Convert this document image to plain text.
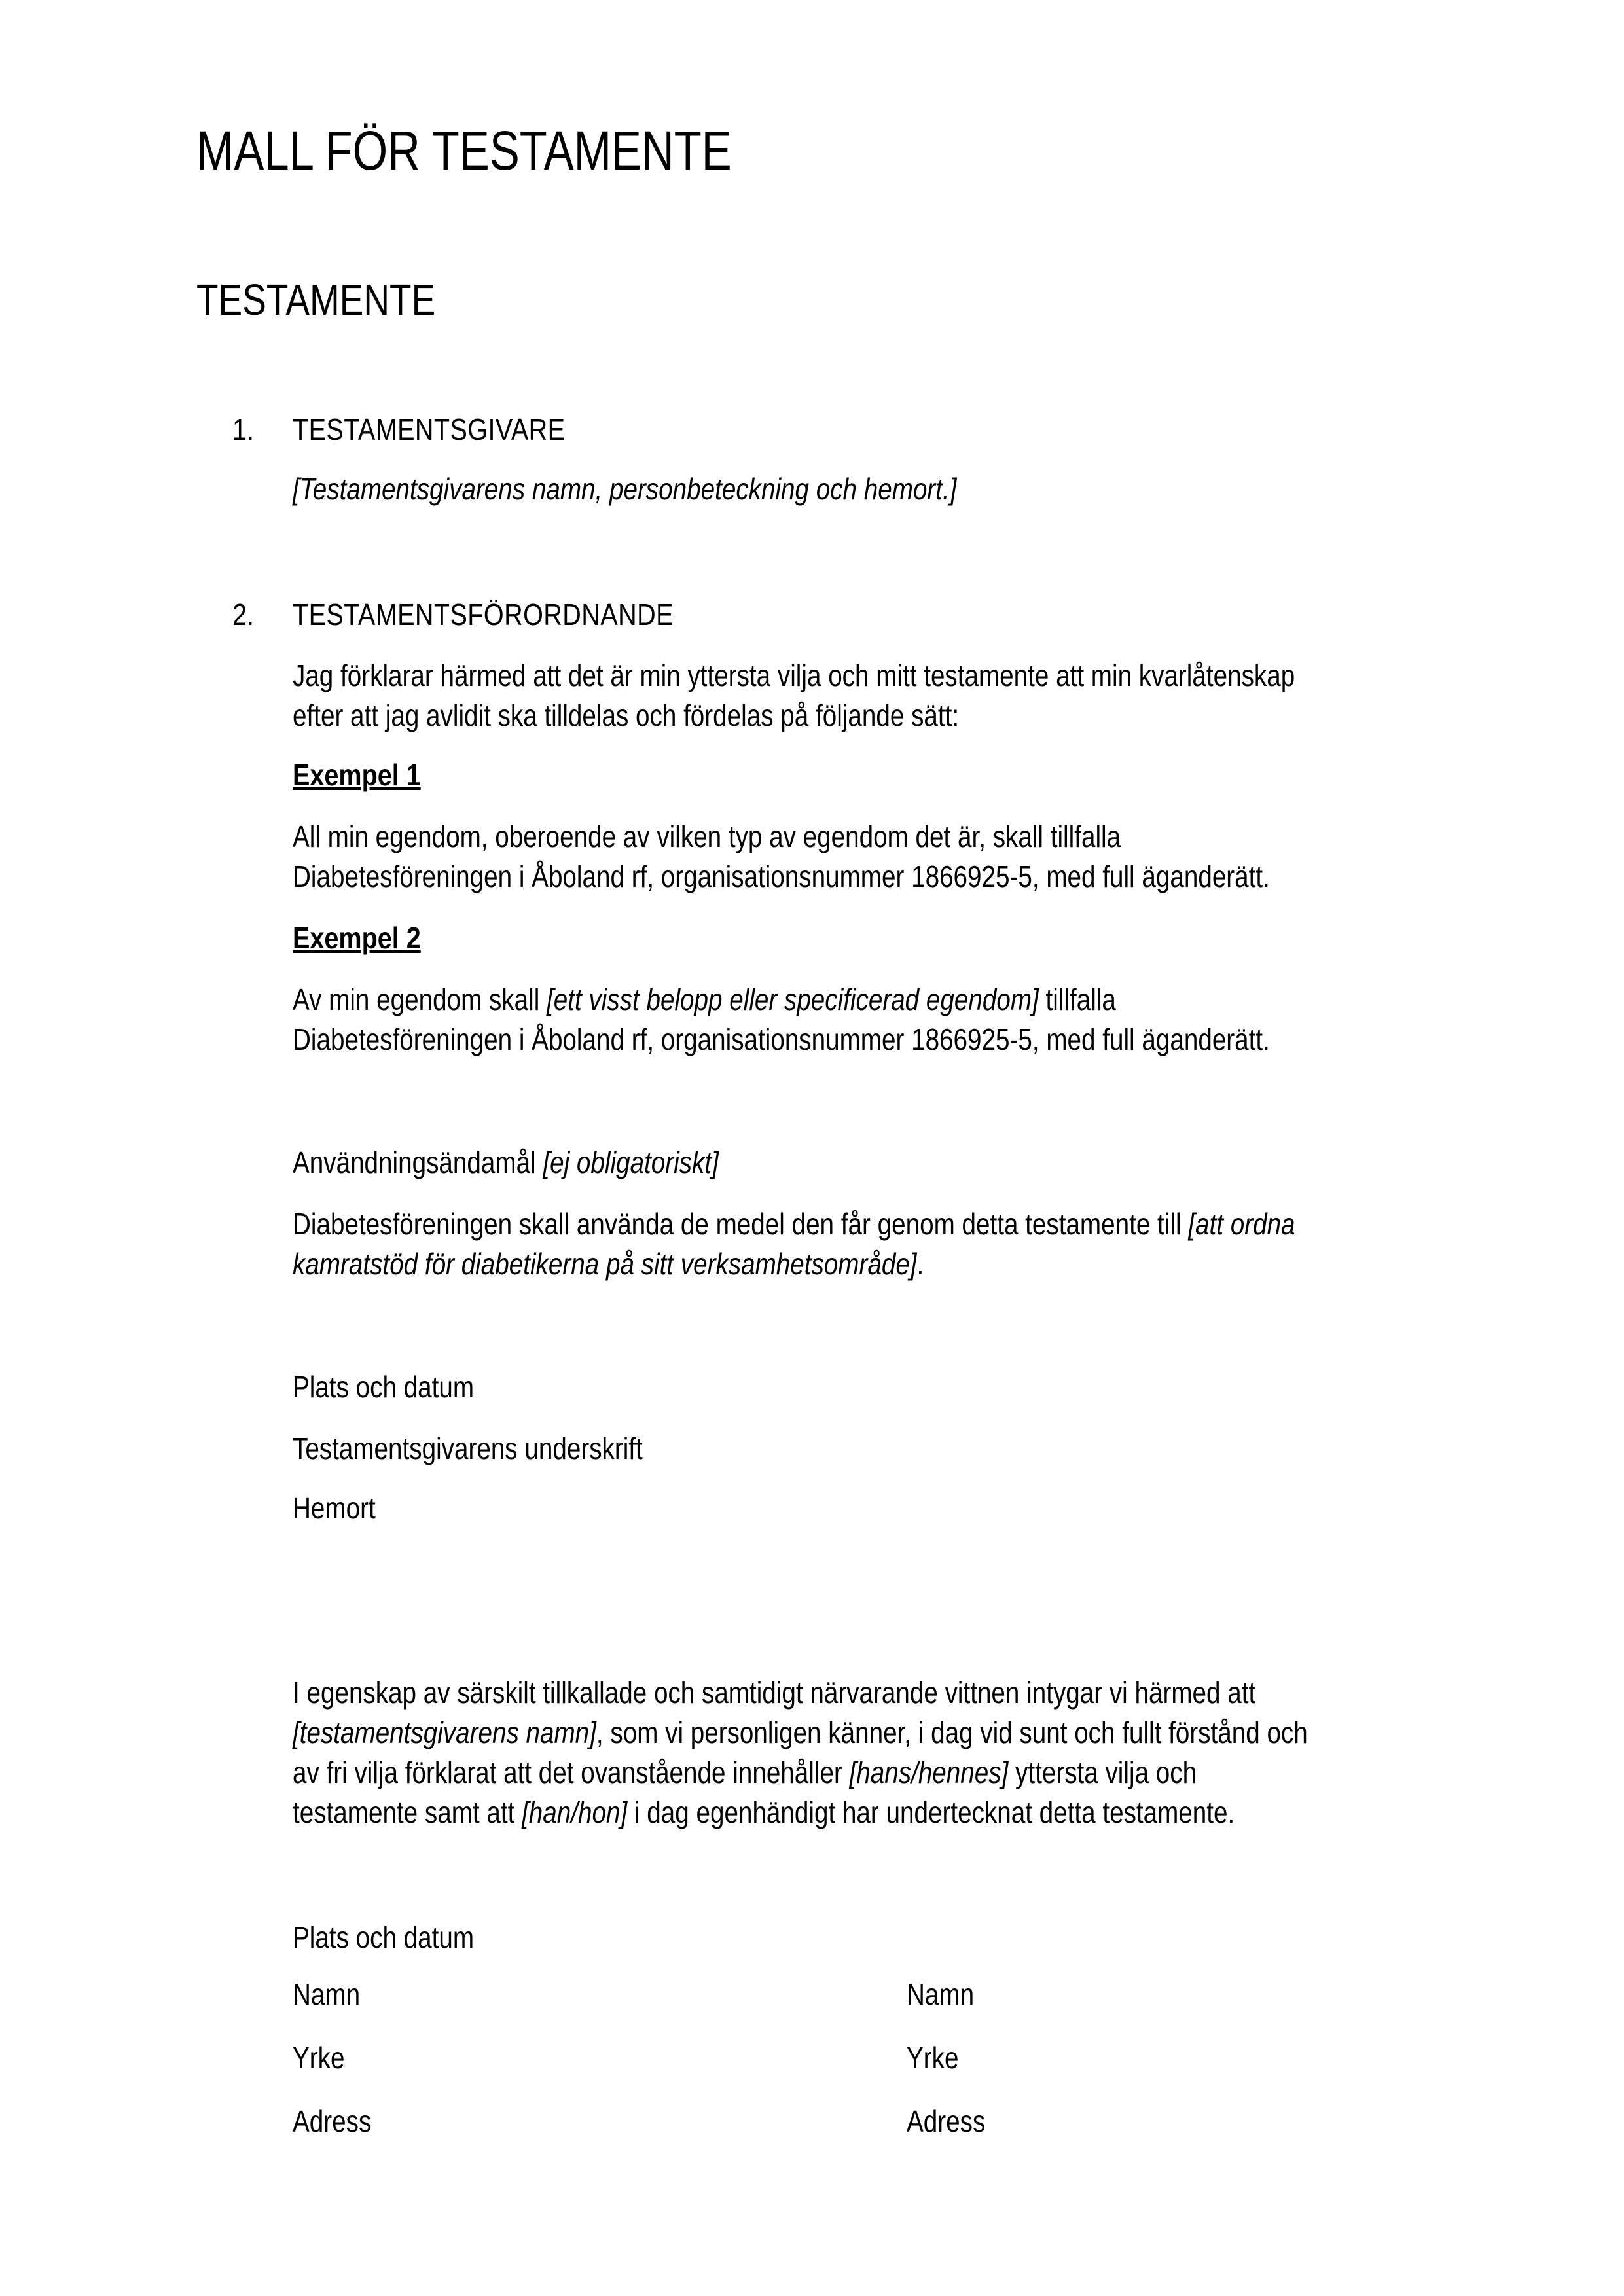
MALL FÖR TESTAMENTE
TESTAMENTE
1. TESTAMENTSGIVARE
[Testamentsgivarens namn, personbeteckning och hemort.]
2. TESTAMENTSFÖRORDNANDE
Jag förklarar härmed att det är min yttersta vilja och mitt testamente att min kvarlåtenskap
efter att jag avlidit ska tilldelas och fördelas på följande sätt:
Exempel 1
All min egendom, oberoende av vilken typ av egendom det är, skall tillfalla
Diabetesföreningen i Åboland rf, organisationsnummer 1866925-5, med full äganderätt.
Exempel 2
Av min egendom skall [ett visst belopp eller specificerad egendom] tillfalla
Diabetesföreningen i Åboland rf, organisationsnummer 1866925-5, med full äganderätt.
Användningsändamål [ej obligatoriskt]
Diabetesföreningen skall använda de medel den får genom detta testamente till [att ordna
kamratstöd för diabetikerna på sitt verksamhetsområde].
Plats och datum
Testamentsgivarens underskrift
Hemort
I egenskap av särskilt tillkallade och samtidigt närvarande vittnen intygar vi härmed att
[testamentsgivarens namn], som vi personligen känner, i dag vid sunt och fullt förstånd och
av fri vilja förklarat att det ovanstående innehåller [hans/hennes] yttersta vilja och
testamente samt att [han/hon] i dag egenhändigt har undertecknat detta testamente.
Plats och datum
Namn	Namn
Yrke	Yrke
Adress	Adress
